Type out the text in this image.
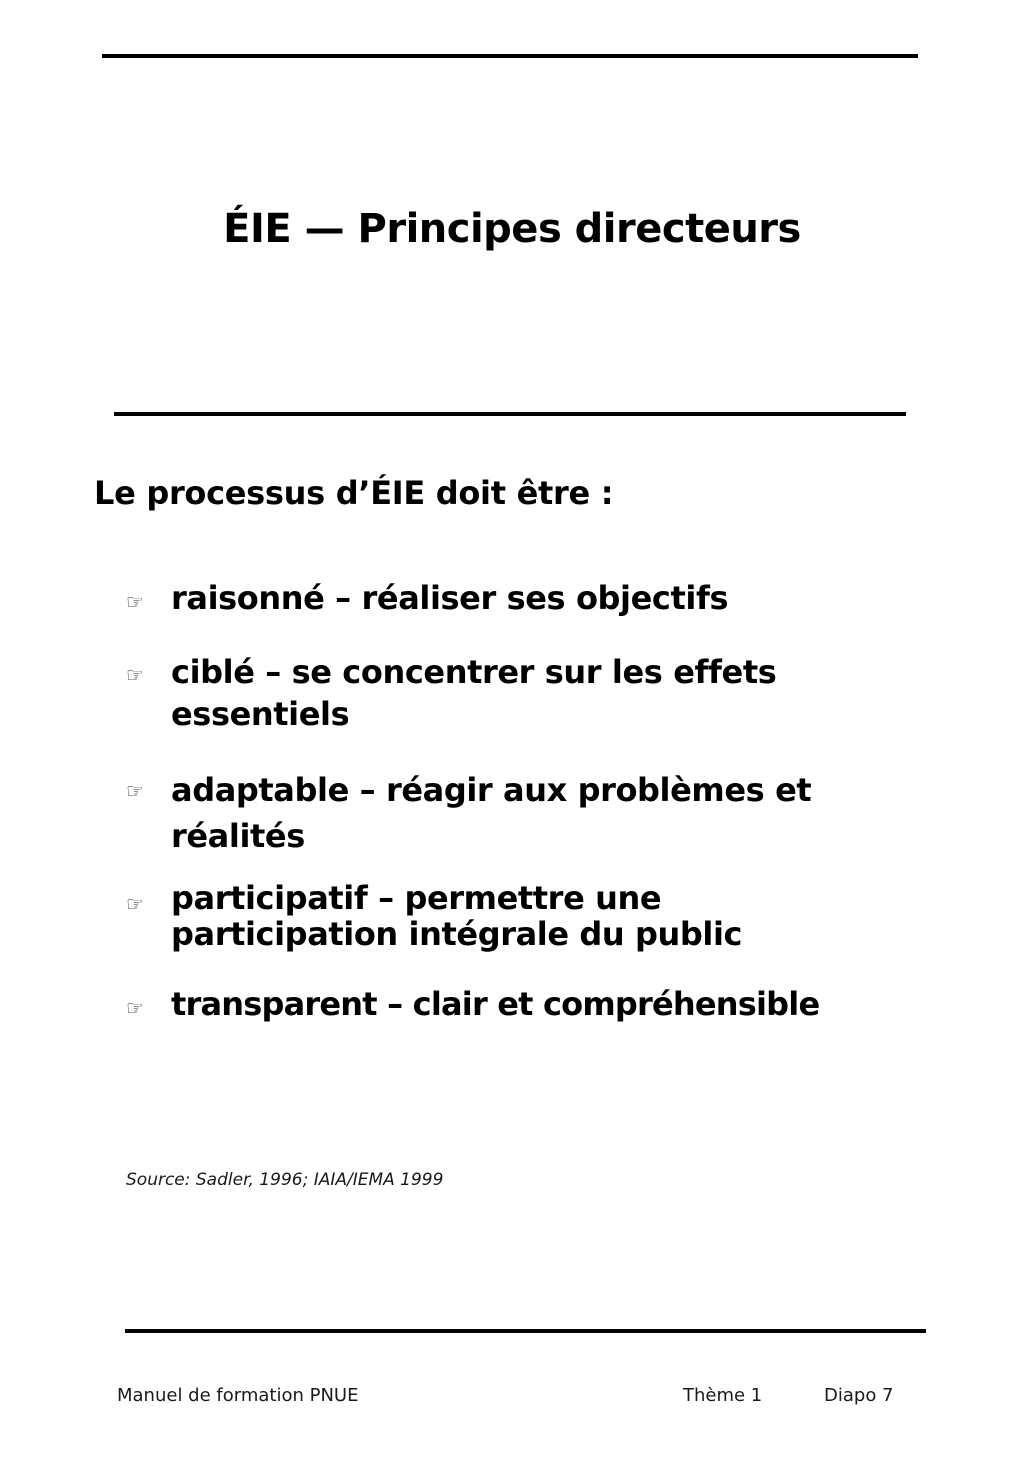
ÉIE — Principes directeurs
Le processus d’ÉIE doit être :
☞ raisonné – réaliser ses objectifs
☞ ciblé – se concentrer sur les effets essentiels
☞ adaptable – réagir aux problèmes et réalités
☞ participatif – permettre une participation intégrale du public
☞ transparent – clair et compréhensible
Source: Sadler, 1996; IAIA/IEMA 1999
Manuel de formation PNUE	Thème 1	Diapo 7
